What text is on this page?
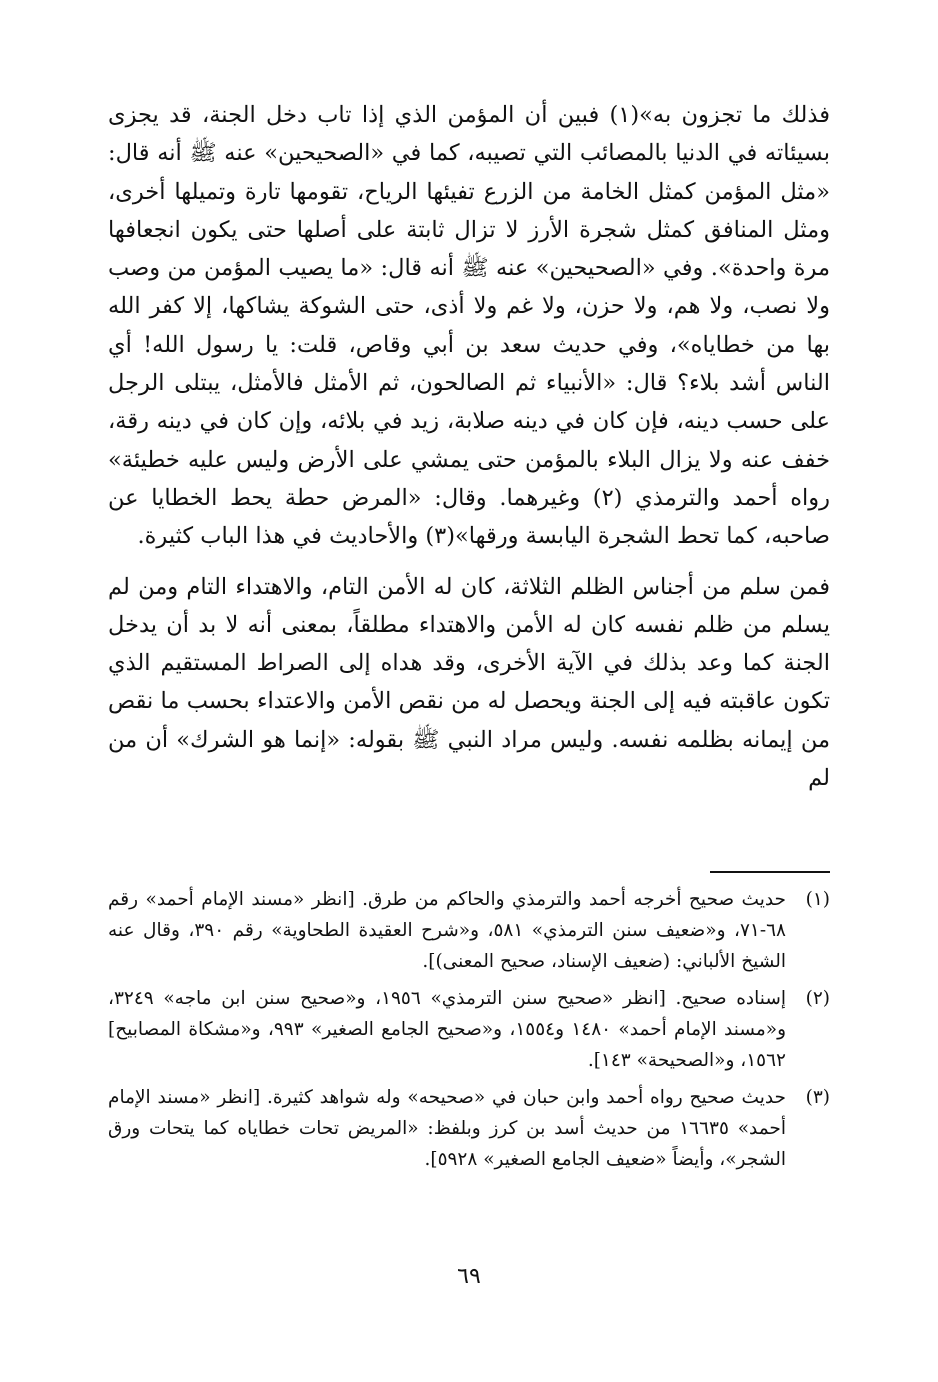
فذلك ما تجزون به»(١) فبين أن المؤمن الذي إذا تاب دخل الجنة، قد يجزى بسيئاته في الدنيا بالمصائب التي تصيبه، كما في «الصحيحين» عنه ﷺ أنه قال: «مثل المؤمن كمثل الخامة من الزرع تفيئها الرياح، تقومها تارة وتميلها أخرى، ومثل المنافق كمثل شجرة الأرز لا تزال ثابتة على أصلها حتى يكون انجعافها مرة واحدة». وفي «الصحيحين» عنه ﷺ أنه قال: «ما يصيب المؤمن من وصب ولا نصب، ولا هم، ولا حزن، ولا غم ولا أذى، حتى الشوكة يشاكها، إلا كفر الله بها من خطاياه»، وفي حديث سعد بن أبي وقاص، قلت: يا رسول الله! أي الناس أشد بلاء؟ قال: «الأنبياء ثم الصالحون، ثم الأمثل فالأمثل، يبتلى الرجل على حسب دينه، فإن كان في دينه صلابة، زيد في بلائه، وإن كان في دينه رقة، خفف عنه ولا يزال البلاء بالمؤمن حتى يمشي على الأرض وليس عليه خطيئة» رواه أحمد والترمذي (٢) وغيرهما. وقال: «المرض حطة يحط الخطايا عن صاحبه، كما تحط الشجرة اليابسة ورقها»(٣) والأحاديث في هذا الباب كثيرة.

فمن سلم من أجناس الظلم الثلاثة، كان له الأمن التام، والاهتداء التام ومن لم يسلم من ظلم نفسه كان له الأمن والاهتداء مطلقاً، بمعنى أنه لا بد أن يدخل الجنة كما وعد بذلك في الآية الأخرى، وقد هداه إلى الصراط المستقيم الذي تكون عاقبته فيه إلى الجنة ويحصل له من نقص الأمن والاعتداء بحسب ما نقص من إيمانه بظلمه نفسه. وليس مراد النبي ﷺ بقوله: «إنما هو الشرك» أن من لم

(١)
حديث صحيح أخرجه أحمد والترمذي والحاكم من طرق. [انظر «مسند الإمام أحمد» رقم ٦٨-٧١، و«ضعيف سنن الترمذي» ٥٨١، و«شرح العقيدة الطحاوية» رقم ٣٩٠، وقال عنه الشيخ الألباني: (ضعيف الإسناد، صحيح المعنى)].
(٢)
إسناده صحيح. [انظر «صحيح سنن الترمذي» ١٩٥٦، و«صحيح سنن ابن ماجه» ٣٢٤٩، و«مسند الإمام أحمد» ١٤٨٠ و١٥٥٤، و«صحيح الجامع الصغير» ٩٩٣، و«مشكاة المصابيح] ١٥٦٢، و«الصحيحة» ١٤٣].
(٣)
حديث صحيح رواه أحمد وابن حبان في «صحيحه» وله شواهد كثيرة. [انظر «مسند الإمام أحمد» ١٦٦٣٥ من حديث أسد بن كرز وبلفظ: «المريض تحات خطاياه كما يتحات ورق الشجر»، وأيضاً «ضعيف الجامع الصغير» ٥٩٢٨].
٦٩
